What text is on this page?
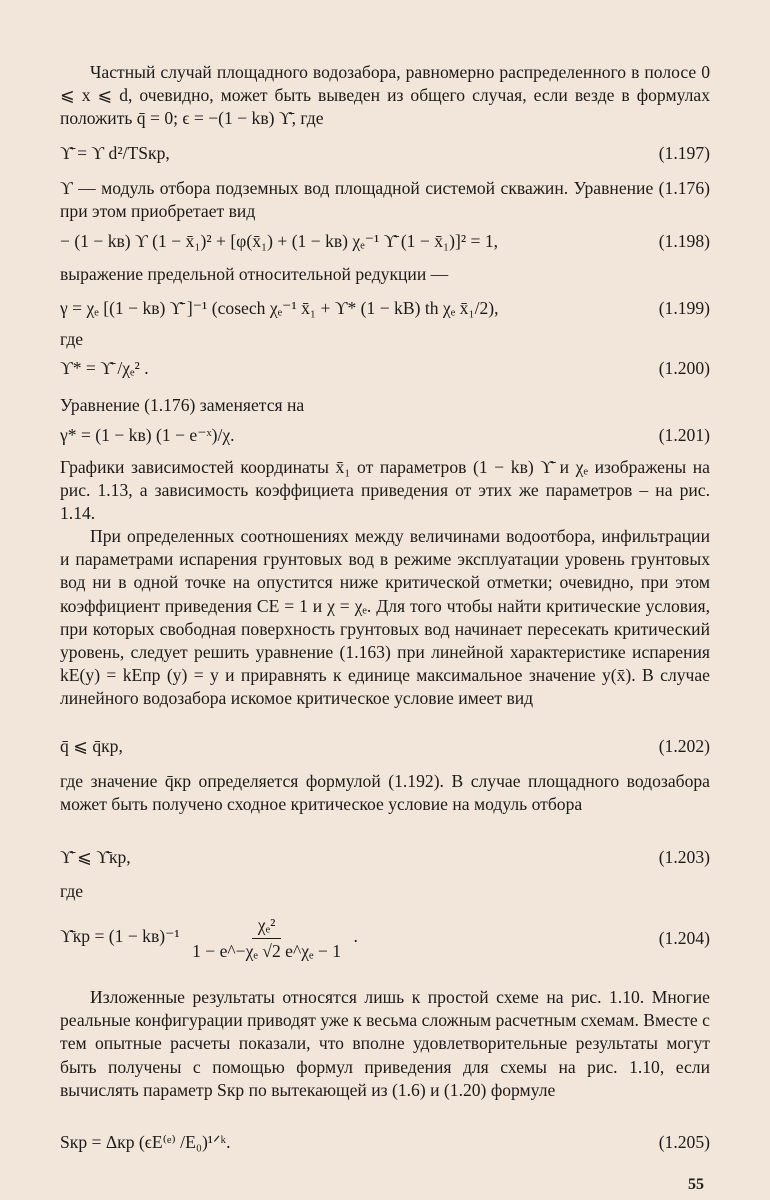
Частный случай площадного водозабора, равномерно распределенного в полосе 0 ⩽ x ⩽ d, очевидно, может быть выведен из общего случая, если везде в формулах положить q̄ = 0; ϵ = −(1 − kв) ϒ̄, где
ϒ̄ = ϒ d²/TSкр,	(1.197)
ϒ — модуль отбора подземных вод площадной системой скважин. Уравнение (1.176) при этом приобретает вид
− (1 − kв) ϒ (1 − x̄₁)² + [φ(x̄₁) + (1 − kв) χₑ⁻¹ ϒ̄ (1 − x̄₁)]² = 1,	(1.198)
выражение предельной относительной редукции —
γ = χₑ [(1 − kв) ϒ̄ ]⁻¹ (cosech χₑ⁻¹ x̄₁ + ϒ* (1 − kB) th χₑ x̄₁/2),	(1.199)
где
ϒ* = ϒ̄ /χₑ² .	(1.200)
Уравнение (1.176) заменяется на
γ* = (1 − kв) (1 − e⁻ˣ)/χ.	(1.201)
Графики зависимостей координаты x̄₁ от параметров (1 − kв) ϒ̄ и χₑ изображены на рис. 1.13, а зависимость коэффициета приведения от этих же параметров – на рис. 1.14.
При определенных соотношениях между величинами водоотбора, инфильтрации и параметрами испарения грунтовых вод в режиме эксплуатации уровень грунтовых вод ни в одной точке на опустится ниже критической отметки; очевидно, при этом коэффициент приведения CE = 1 и χ = χₑ. Для того чтобы найти критические условия, при которых свободная поверхность грунтовых вод начинает пересекать критический уровень, следует решить уравнение (1.163) при линейной характеристике испарения kE(y) = kEпр (y) = y и приравнять к единице максимальное значение y(x̄). В случае линейного водозабора искомое критическое условие имеет вид
q̄ ⩽ q̄кр,	(1.202)
где значение q̄кр определяется формулой (1.192). В случае площадного водозабора может быть получено сходное критическое условие на модуль отбора
ϒ̄ ⩽ ϒ̄кр,	(1.203)
где
ϒ̄кр = $(1 - kв)^{-1} \frac{\text{χₑ²}}{\text{1 − e\textasciicircum{}−χₑ √2 e\textasciicircum{}χₑ − 1}}$ .	(1.204)
Изложенные результаты относятся лишь к простой схеме на рис. 1.10. Многие реальные конфигурации приводят уже к весьма сложным расчетным схемам. Вместе с тем опытные расчеты показали, что вполне удовлетворительные результаты могут быть получены с помощью формул приведения для схемы на рис. 1.10, если вычислять параметр Sкр по вытекающей из (1.6) и (1.20) формуле
Sкр = Δкр (ϵE⁽ᵉ⁾ /E₀)¹ᐟᵏ.	(1.205)
55
